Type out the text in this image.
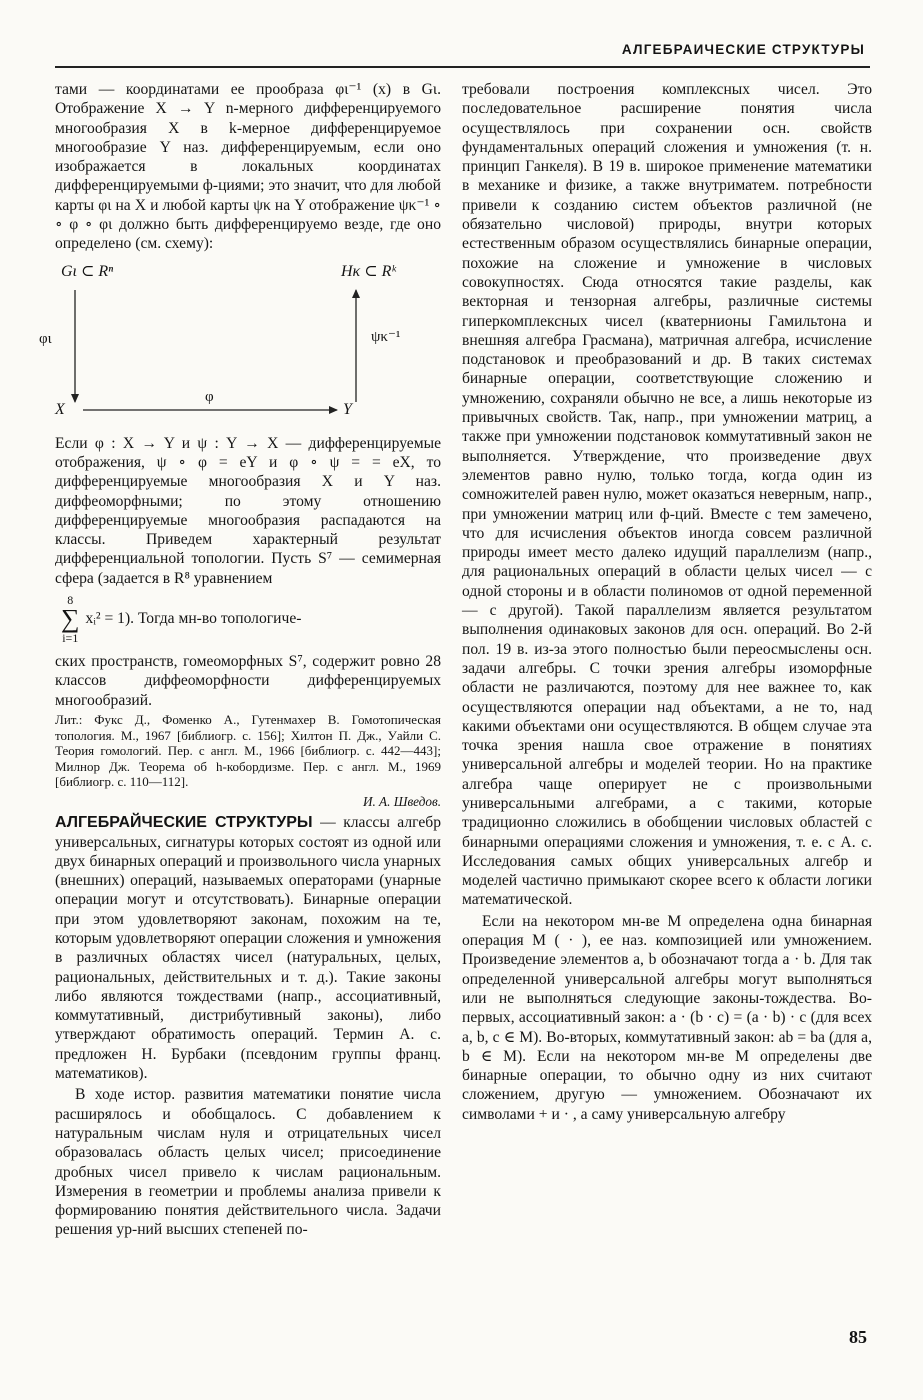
АЛГЕБРАИЧЕСКИЕ СТРУКТУРЫ

тами — координатами ее прообраза φι⁻¹ (x) в Gι. Отображение X → Y n-мерного дифференцируемого многообразия X в k-мерное дифференцируемое многообразие Y наз. дифференцируемым, если оно изображается в локальных координатах дифференцируемыми ф-циями; это значит, что для любой карты φι на X и любой карты ψκ на Y отображение ψκ⁻¹ ∘ ∘ φ ∘ φι должно быть дифференцируемо везде, где оно определено (см. схему):

Gι ⊂ Rⁿ	Hκ ⊂ Rᵏ
φι	ψκ⁻¹
X	Y
φ

Если φ : X → Y и ψ : Y → X — дифференцируемые отображения, ψ ∘ φ = eY и φ ∘ ψ = = eX, то дифференцируемые многообразия X и Y наз. диффеоморфными; по этому отношению дифференцируемые многообразия распадаются на классы. Приведем характерный результат дифференциальной топологии. Пусть S⁷ — семимерная сфера (задается в R⁸ уравнением

8
∑
i=1
xᵢ² = 1). Тогда мн-во топологиче-

ских пространств, гомеоморфных S⁷, содержит ровно 28 классов диффеоморфности дифференцируемых многообразий.

Лит.: Фукс Д., Фоменко А., Гутенмахер В. Гомотопическая топология. М., 1967 [библиогр. с. 156]; Хилтон П. Дж., Уайли С. Теория гомологий. Пер. с англ. М., 1966 [библиогр. с. 442—443]; Милнор Дж. Теорема об h-кобордизме. Пер. с англ. М., 1969 [библиогр. с. 110—112].

И. А. Шведов.

АЛГЕБРАЙЧЕСКИЕ СТРУКТУРЫ — классы алгебр универсальных, сигнатуры которых состоят из одной или двух бинарных операций и произвольного числа унарных (внешних) операций, называемых операторами (унарные операции могут и отсутствовать). Бинарные операции при этом удовлетворяют законам, похожим на те, которым удовлетворяют операции сложения и умножения в различных областях чисел (натуральных, целых, рациональных, действительных и т. д.). Такие законы либо являются тождествами (напр., ассоциативный, коммутативный, дистрибутивный законы), либо утверждают обратимость операций. Термин А. с. предложен Н. Бурбаки (псевдоним группы франц. математиков).

В ходе истор. развития математики понятие числа расширялось и обобщалось. С добавлением к натуральным числам нуля и отрицательных чисел образовалась область целых чисел; присоединение дробных чисел привело к числам рациональным. Измерения в геометрии и проблемы анализа привели к формированию понятия действительного числа. Задачи решения ур-ний высших степеней по-

требовали построения комплексных чисел. Это последовательное расширение понятия числа осуществлялось при сохранении осн. свойств фундаментальных операций сложения и умножения (т. н. принцип Ганкеля). В 19 в. широкое применение математики в механике и физике, а также внутриматем. потребности привели к созданию систем объектов различной (не обязательно числовой) природы, внутри которых естественным образом осуществлялись бинарные операции, похожие на сложение и умножение в числовых совокупностях. Сюда относятся такие разделы, как векторная и тензорная алгебры, различные системы гиперкомплексных чисел (кватернионы Гамильтона и внешняя алгебра Грасмана), матричная алгебра, исчисление подстановок и преобразований и др. В таких системах бинарные операции, соответствующие сложению и умножению, сохраняли обычно не все, а лишь некоторые из привычных свойств. Так, напр., при умножении матриц, а также при умножении подстановок коммутативный закон не выполняется. Утверждение, что произведение двух элементов равно нулю, только тогда, когда один из сомножителей равен нулю, может оказаться неверным, напр., при умножении матриц или ф-ций. Вместе с тем замечено, что для исчисления объектов иногда совсем различной природы имеет место далеко идущий параллелизм (напр., для рациональных операций в области целых чисел — с одной стороны и в области полиномов от одной переменной — с другой). Такой параллелизм является результатом выполнения одинаковых законов для осн. операций. Во 2-й пол. 19 в. из-за этого полностью были переосмыслены осн. задачи алгебры. С точки зрения алгебры изоморфные области не различаются, поэтому для нее важнее то, как осуществляются операции над объектами, а не то, над какими объектами они осуществляются. В общем случае эта точка зрения нашла свое отражение в понятиях универсальной алгебры и моделей теории. Но на практике алгебра чаще оперирует не с произвольными универсальными алгебрами, а с такими, которые традиционно сложились в обобщении числовых областей с бинарными операциями сложения и умножения, т. е. с А. с. Исследования самых общих универсальных алгебр и моделей частично примыкают скорее всего к области логики математической.

Если на некотором мн-ве M определена одна бинарная операция M ( · ), ее наз. композицией или умножением. Произведение элементов a, b обозначают тогда a · b. Для так определенной универсальной алгебры могут выполняться или не выполняться следующие законы-тождества. Во-первых, ассоциативный закон: a · (b · c) = (a · b) · c (для всех a, b, c ∈ M). Во-вторых, коммутативный закон: ab = ba (для a, b ∈ M). Если на некотором мн-ве M определены две бинарные операции, то обычно одну из них считают сложением, другую — умножением. Обозначают их символами + и · , а саму универсальную алгебру

85
